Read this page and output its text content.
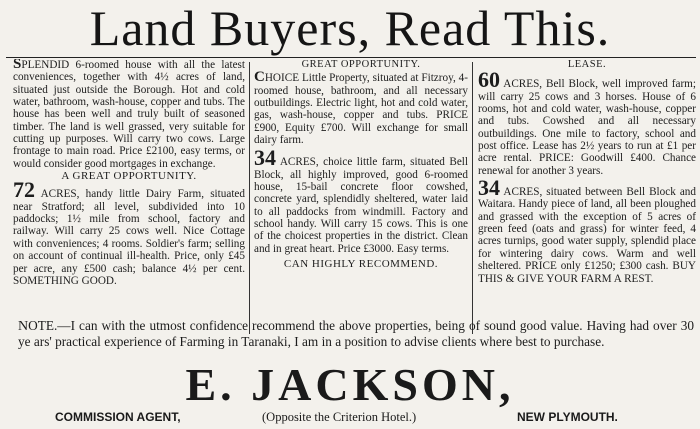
Land Buyers, Read This.

SPLENDID 6-roomed house with all the latest conveniences, together with 4½ acres of land, situated just outside the Borough. Hot and cold water, bathroom, wash-house, copper and tubs. The house has been well and truly built of seasoned timber. The land is well grassed, very suitable for cutting up purposes. Will carry two cows. Large frontage to main road. Price £2100, easy terms, or would consider good mortgages in exchange.

A GREAT OPPORTUNITY.

72 ACRES, handy little Dairy Farm, situated near Stratford; all level, subdivided into 10 paddocks; 1½ mile from school, factory and railway. Will carry 25 cows well. Nice Cottage with conveniences; 4 rooms. Soldier's farm; selling on account of continual ill-health. Price, only £45 per acre, any £500 cash; balance 4½ per cent. SOMETHING GOOD.

GREAT OPPORTUNITY.

CHOICE Little Property, situated at Fitzroy, 4-roomed house, bathroom, and all necessary outbuildings. Electric light, hot and cold water, gas, wash-house, copper and tubs. PRICE £900, Equity £700. Will exchange for small dairy farm.

34 ACRES, choice little farm, situated Bell Block, all highly improved, good 6-roomed house, 15-bail concrete floor cowshed, concrete yard, splendidly sheltered, water laid to all paddocks from windmill. Factory and school handy. Will carry 15 cows. This is one of the choicest properties in the district. Clean and in great heart. Price £3000. Easy terms.

CAN HIGHLY RECOMMEND.

LEASE.

60 ACRES, Bell Block, well improved farm; will carry 25 cows and 3 horses. House of 6 rooms, hot and cold water, wash-house, copper and tubs. Cowshed and all necessary outbuildings. One mile to factory, school and post office. Lease has 2½ years to run at £1 per acre rental. PRICE: Goodwill £400. Chance renewal for another 3 years.

34 ACRES, situated between Bell Block and Waitara. Handy piece of land, all been ploughed and grassed with the exception of 5 acres of green feed (oats and grass) for winter feed, 4 acres turnips, good water supply, splendid place for wintering dairy cows. Warm and well sheltered. PRICE only £1250; £300 cash. BUY THIS & GIVE YOUR FARM A REST.

NOTE.—I can with the utmost confidence recommend the above properties, being of sound good value. Having had over 30 ye ars' practical experience of Farming in Taranaki, I am in a position to advise clients where best to purchase.
E. JACKSON,
COMMISSION AGENT,	(Opposite the Criterion Hotel.)	NEW PLYMOUTH.
